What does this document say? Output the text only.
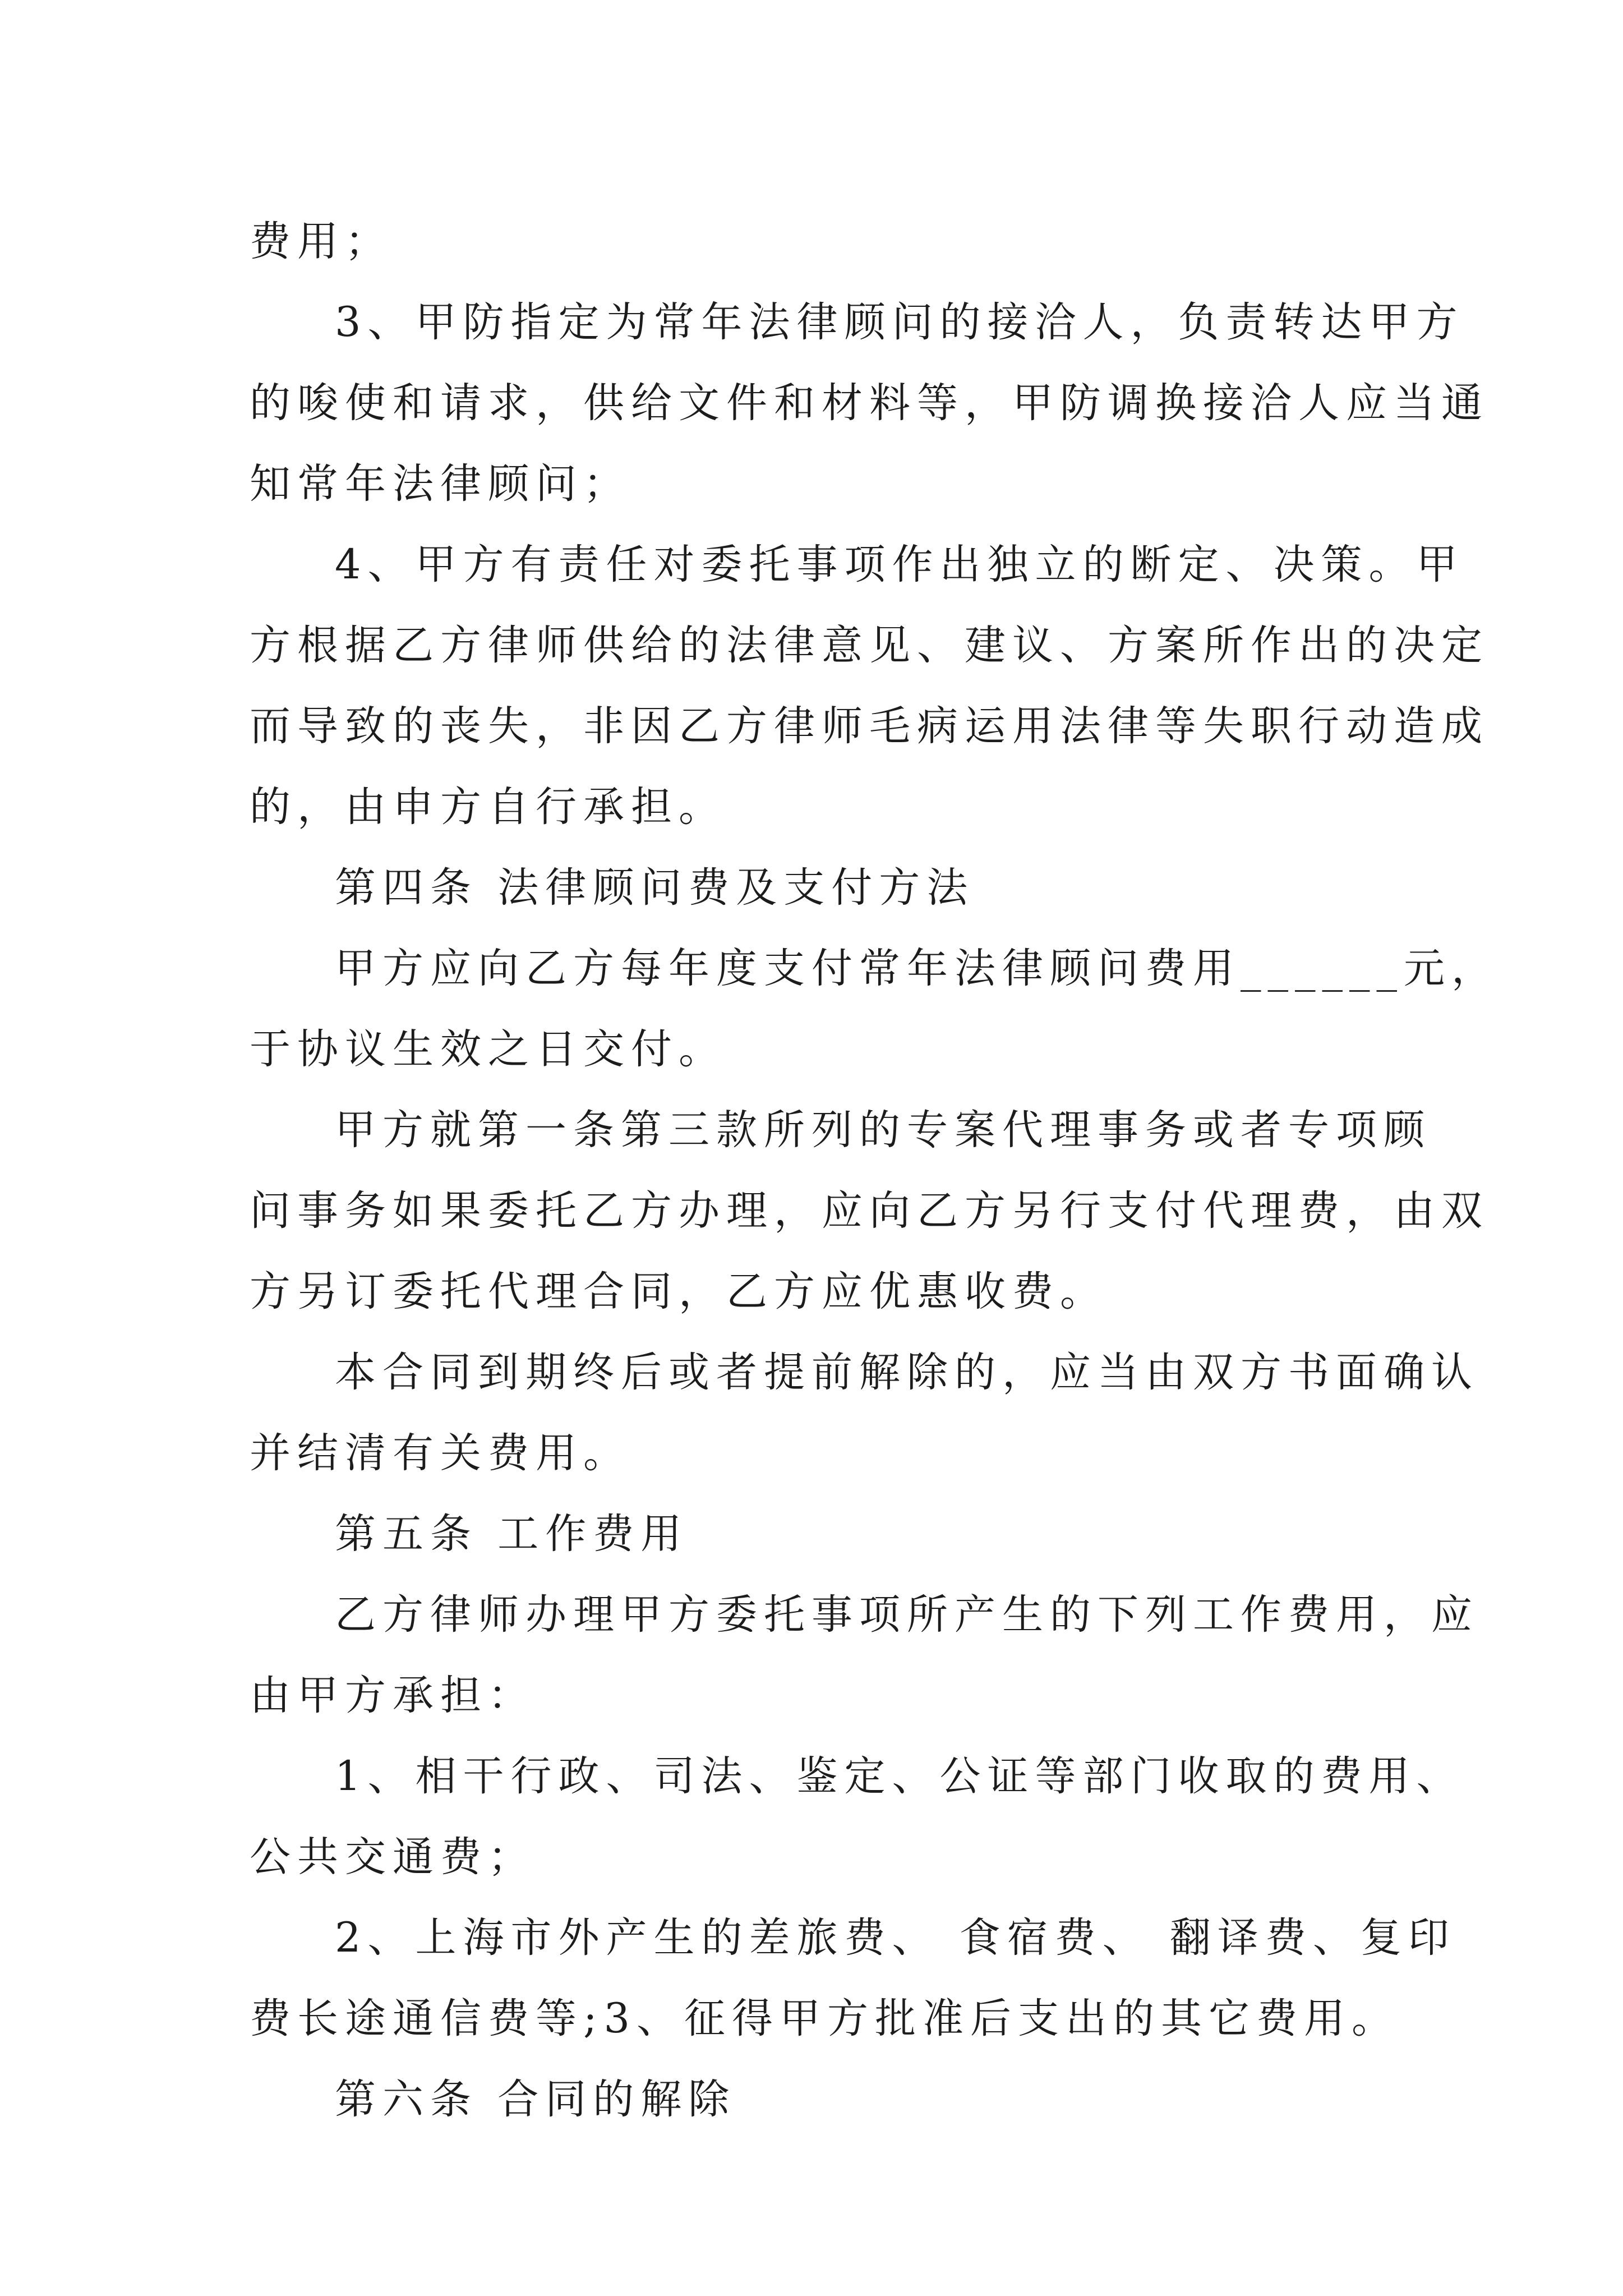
费用；
3、甲防指定为常年法律顾问的接洽人，负责转达甲方
的唆使和请求，供给文件和材料等，甲防调换接洽人应当通
知常年法律顾问；
4、甲方有责任对委托事项作出独立的断定、决策。甲
方根据乙方律师供给的法律意见、建议、方案所作出的决定
而导致的丧失，非因乙方律师毛病运用法律等失职行动造成
的，由申方自行承担。
第四条 法律顾问费及支付方法
甲方应向乙方每年度支付常年法律顾问费用______元，
于协议生效之日交付。
甲方就第一条第三款所列的专案代理事务或者专项顾
问事务如果委托乙方办理，应向乙方另行支付代理费，由双
方另订委托代理合同，乙方应优惠收费。
本合同到期终后或者提前解除的，应当由双方书面确认
并结清有关费用。
第五条 工作费用
乙方律师办理甲方委托事项所产生的下列工作费用，应
由甲方承担：
1、相干行政、司法、鉴定、公证等部门收取的费用、
公共交通费；
2、上海市外产生的差旅费、 食宿费、 翻译费、复印
费长途通信费等;3、征得甲方批准后支出的其它费用。
第六条 合同的解除
